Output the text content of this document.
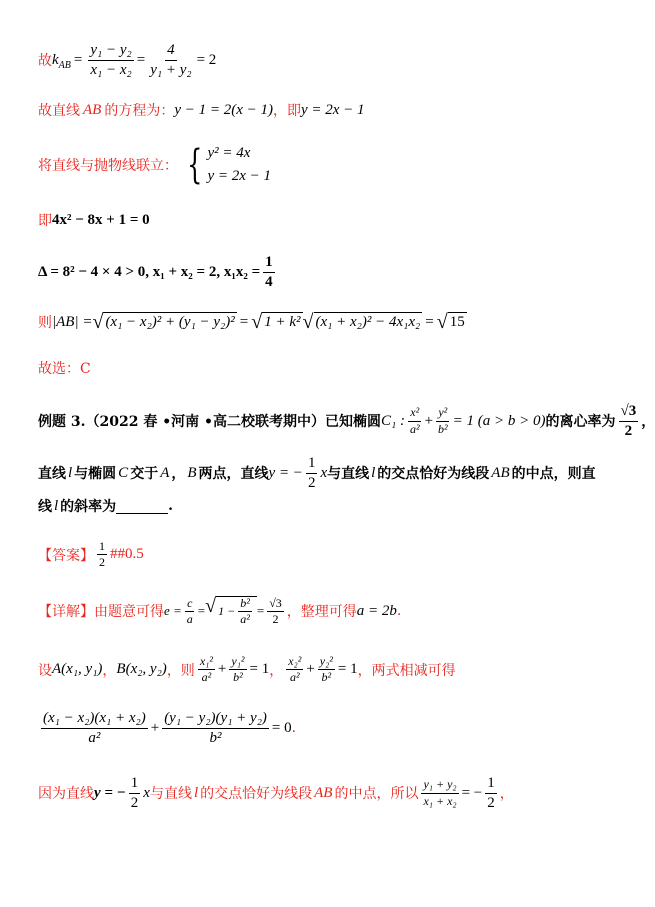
故 $k_{AB} = \frac{\text{y₁ − y₂}}{\text{x₁ − x₂}} = \frac{4}{\text{y₁ + y₂}} = 2$
故直线 AB 的方程为： y − 1 = 2(x − 1) ，即 y = 2x − 1
将直线与抛物线联立： { y² = 4x
y = 2x − 1
即 4x² − 8x + 1 = 0
Δ = 8² − 4 × 4 > 0, x₁ + x₂ = 2, $x_1x_2 = \frac{1}{4}$
则 |AB| = √ (x₁ − x₂)² + (y₁ − y₂)² = √ 1 + k² √ (x₁ + x₂)² − 4x₁x₂ = √ 15
故选：C
例题 3.（2022 春 •河南 •高二校联考期中）已知椭圆 C₁ : $\frac{\text{x²}}{\text{a²}} + \frac{\text{y²}}{\text{b²}} = 1$ (a > b > 0) 的离心率为 $\frac{√3}{2}$ ，
直线 l 与椭圆 C 交于 A ， B 两点，直线 y = − $\frac{1}{2}$ x 与直线 l 的交点恰好为线段 AB 的中点，则直
线 l 的斜率为	.
【答案】 $\frac{1}{2}$ ##0.5
【详解】 由题意可得 $e = \frac{c}{a}$ = √ $1 - \frac{\text{b²}}{\text{a²}} = \frac{√3}{2}$ ，整理可得 a = 2b .
设 A(x₁, y₁) ， B(x₂, y₂) ，则 $\frac{\text{x₁²}}{\text{a²}} + \frac{\text{y₁²}}{\text{b²}} = 1$ ， $\frac{\text{x₂²}}{\text{a²}} + \frac{\text{y₂²}}{\text{b²}} = 1$ ，两式相减可得
$\frac{\text{(x₁ − x₂)(x₁ + x₂)}}{\text{a²}} + \frac{\text{(y₁ − y₂)(y₁ + y₂)}}{\text{b²}} = 0$ .
因为直线 y = − $\frac{1}{2}$ x 与直线 l 的交点恰好为线段 AB 的中点，所以 $\frac{\text{y₁ + y₂}}{\text{x₁ + x₂}}$ = − $\frac{1}{2}$ ，
